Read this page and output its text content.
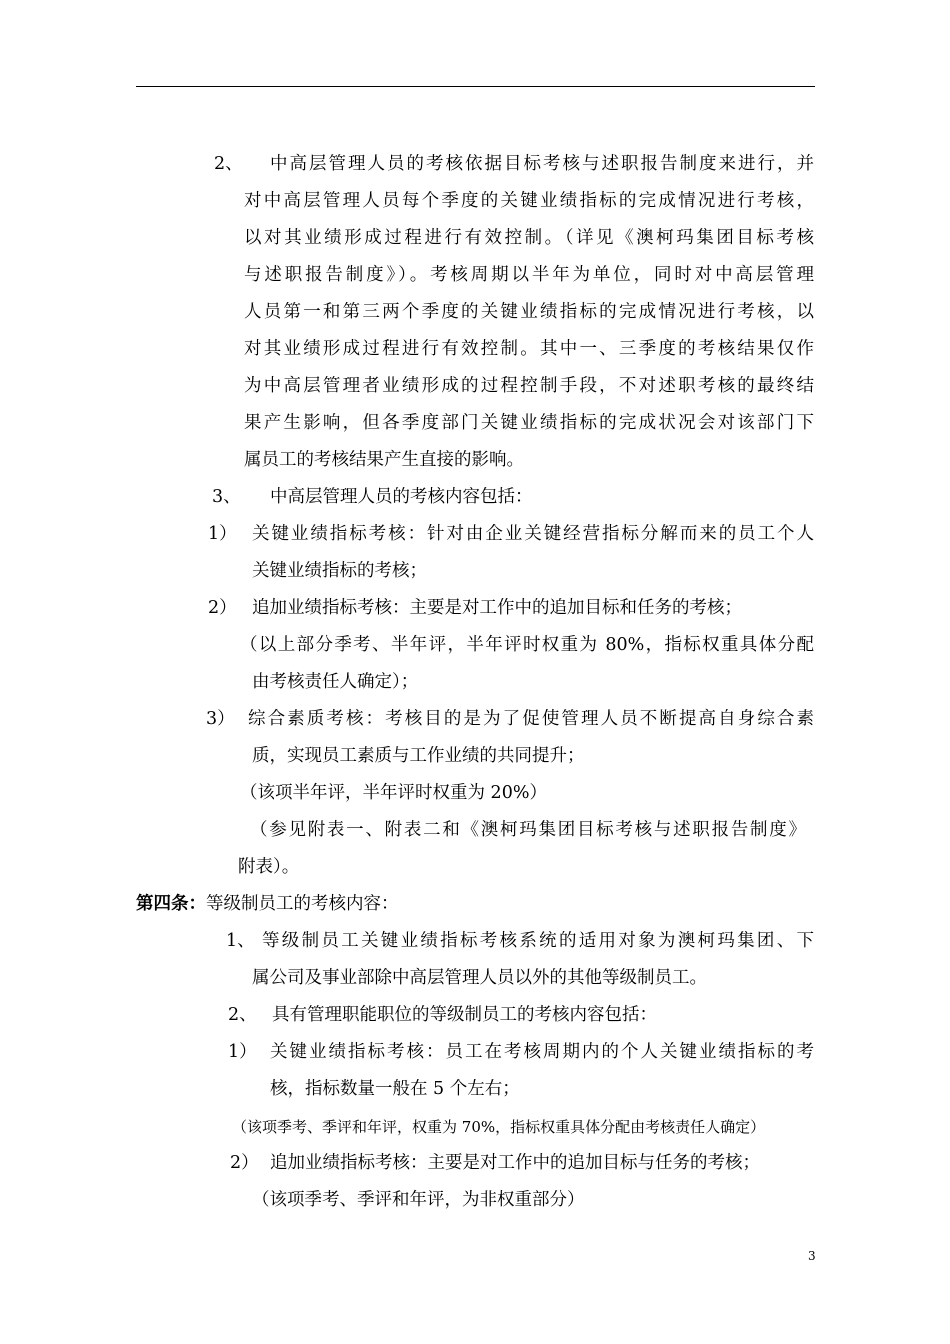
2、 中高层管理人员的考核依据目标考核与述职报告制度来进行，并
对中高层管理人员每个季度的关键业绩指标的完成情况进行考核，
以对其业绩形成过程进行有效控制。（详见《澳柯玛集团目标考核
与述职报告制度》）。考核周期以半年为单位，同时对中高层管理
人员第一和第三两个季度的关键业绩指标的完成情况进行考核，以
对其业绩形成过程进行有效控制。其中一、三季度的考核结果仅作
为中高层管理者业绩形成的过程控制手段，不对述职考核的最终结
果产生影响，但各季度部门关键业绩指标的完成状况会对该部门下
属员工的考核结果产生直接的影响。
3、 中高层管理人员的考核内容包括：
1） 关键业绩指标考核：针对由企业关键经营指标分解而来的员工个人
关键业绩指标的考核；
2） 追加业绩指标考核：主要是对工作中的追加目标和任务的考核；
（以上部分季考、半年评，半年评时权重为 80%，指标权重具体分配
由考核责任人确定）；
3） 综合素质考核：考核目的是为了促使管理人员不断提高自身综合素
质，实现员工素质与工作业绩的共同提升；
（该项半年评，半年评时权重为 20%）
（参见附表一、附表二和《澳柯玛集团目标考核与述职报告制度》
附表）。
第四条：等级制员工的考核内容：
1、 等级制员工关键业绩指标考核系统的适用对象为澳柯玛集团、下
属公司及事业部除中高层管理人员以外的其他等级制员工。
2、 具有管理职能职位的等级制员工的考核内容包括：
1） 关键业绩指标考核：员工在考核周期内的个人关键业绩指标的考
核，指标数量一般在 5 个左右；
（该项季考、季评和年评，权重为 70%，指标权重具体分配由考核责任人确定）
2） 追加业绩指标考核：主要是对工作中的追加目标与任务的考核；
（该项季考、季评和年评，为非权重部分）
3
